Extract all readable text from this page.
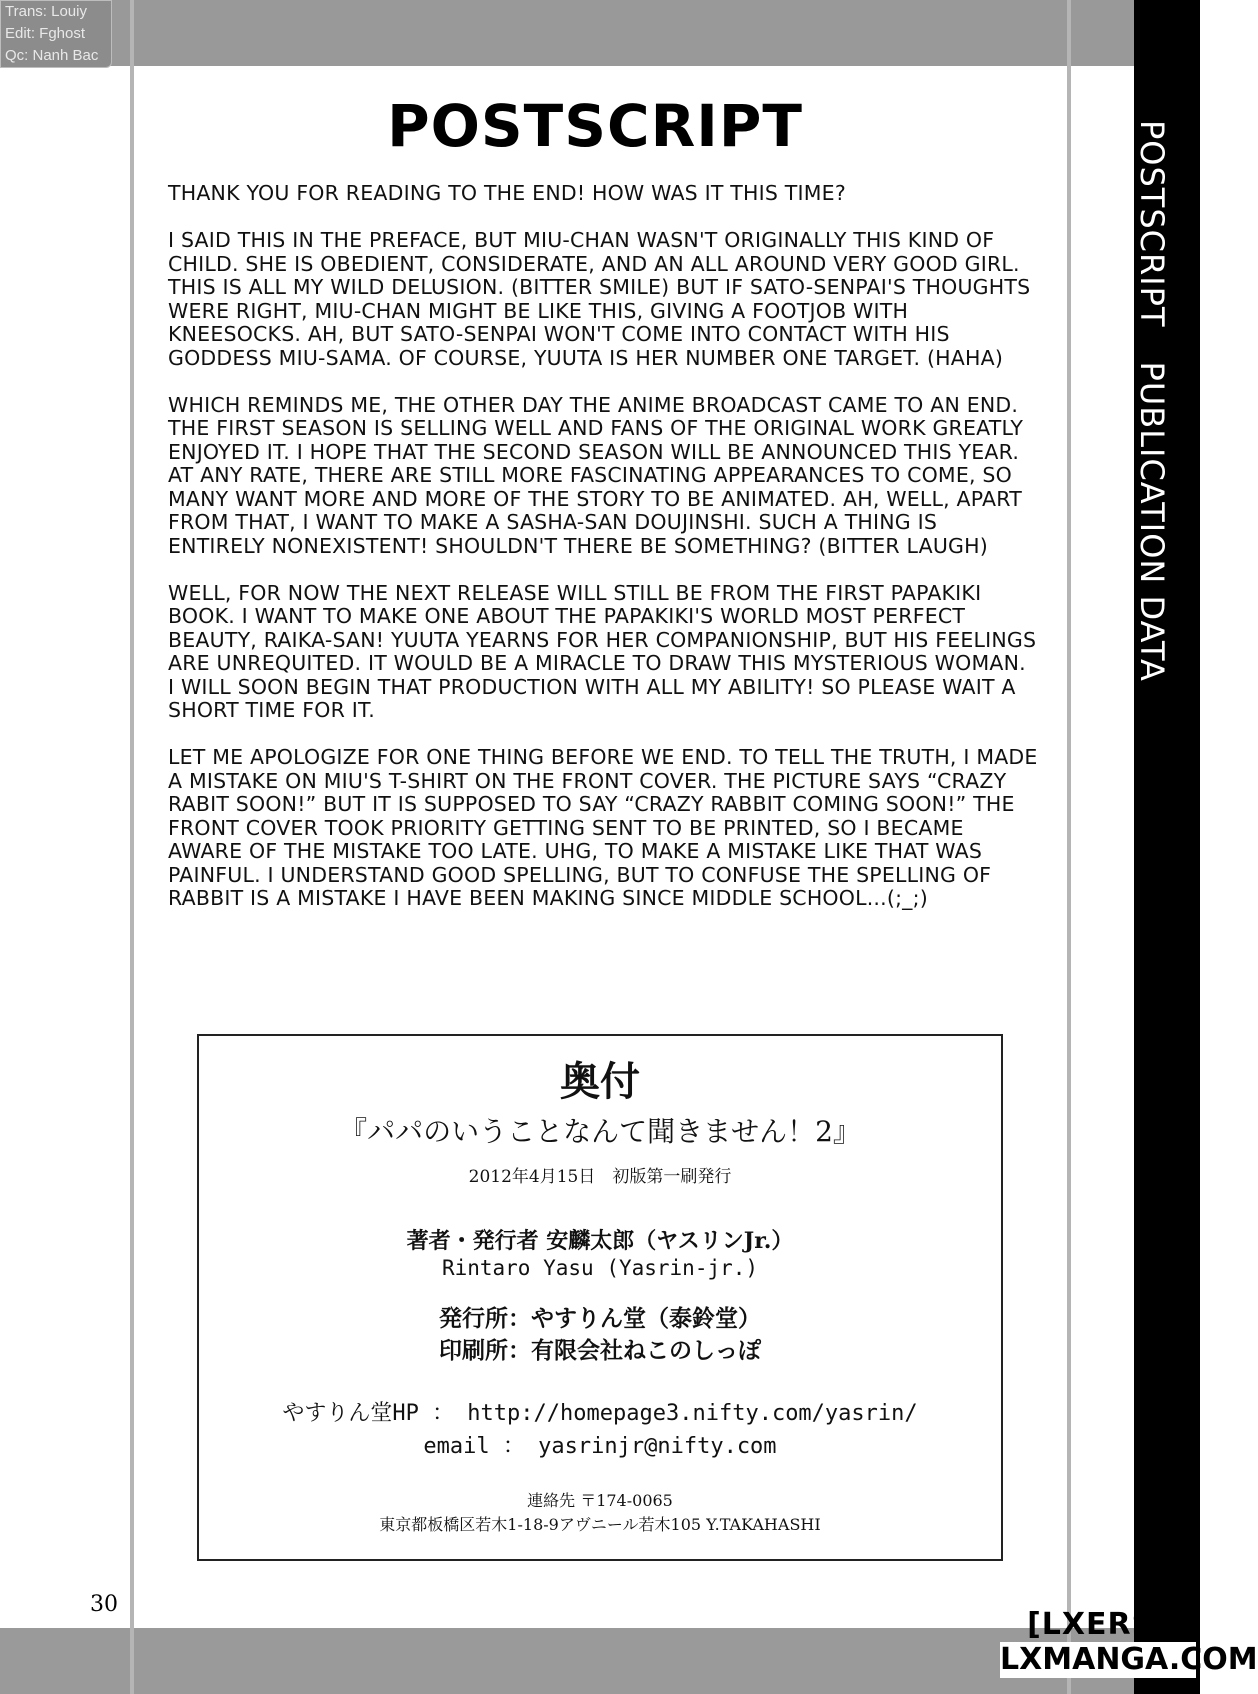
Trans: Louiy
Edit: Fghost
Qc: Nanh Bac
POSTSCRIPTPUBLICATION DATA
POSTSCRIPT

THANK YOU FOR READING TO THE END! HOW WAS IT THIS TIME?

I SAID THIS IN THE PREFACE, BUT MIU-CHAN WASN'T ORIGINALLY THIS KIND OF CHILD. SHE IS OBEDIENT, CONSIDERATE, AND AN ALL AROUND VERY GOOD GIRL. THIS IS ALL MY WILD DELUSION. (BITTER SMILE) BUT IF SATO-SENPAI'S THOUGHTS WERE RIGHT, MIU-CHAN MIGHT BE LIKE THIS, GIVING A FOOTJOB WITH KNEESOCKS. AH, BUT SATO-SENPAI WON'T COME INTO CONTACT WITH HIS GODDESS MIU-SAMA. OF COURSE, YUUTA IS HER NUMBER ONE TARGET. (HAHA)

WHICH REMINDS ME, THE OTHER DAY THE ANIME BROADCAST CAME TO AN END. THE FIRST SEASON IS SELLING WELL AND FANS OF THE ORIGINAL WORK GREATLY ENJOYED IT. I HOPE THAT THE SECOND SEASON WILL BE ANNOUNCED THIS YEAR. AT ANY RATE, THERE ARE STILL MORE FASCINATING APPEARANCES TO COME, SO MANY WANT MORE AND MORE OF THE STORY TO BE ANIMATED. AH, WELL, APART FROM THAT, I WANT TO MAKE A SASHA-SAN DOUJINSHI. SUCH A THING IS ENTIRELY NONEXISTENT! SHOULDN'T THERE BE SOMETHING? (BITTER LAUGH)

WELL, FOR NOW THE NEXT RELEASE WILL STILL BE FROM THE FIRST PAPAKIKI BOOK. I WANT TO MAKE ONE ABOUT THE PAPAKIKI'S WORLD MOST PERFECT BEAUTY, RAIKA-SAN! YUUTA YEARNS FOR HER COMPANIONSHIP, BUT HIS FEELINGS ARE UNREQUITED. IT WOULD BE A MIRACLE TO DRAW THIS MYSTERIOUS WOMAN. I WILL SOON BEGIN THAT PRODUCTION WITH ALL MY ABILITY! SO PLEASE WAIT A SHORT TIME FOR IT.

LET ME APOLOGIZE FOR ONE THING BEFORE WE END. TO TELL THE TRUTH, I MADE A MISTAKE ON MIU'S T-SHIRT ON THE FRONT COVER. THE PICTURE SAYS “CRAZY RABIT SOON!” BUT IT IS SUPPOSED TO SAY “CRAZY RABBIT COMING SOON!” THE FRONT COVER TOOK PRIORITY GETTING SENT TO BE PRINTED, SO I BECAME AWARE OF THE MISTAKE TOO LATE. UHG, TO MAKE A MISTAKE LIKE THAT WAS PAINFUL. I UNDERSTAND GOOD SPELLING, BUT TO CONFUSE THE SPELLING OF RABBIT IS A MISTAKE I HAVE BEEN MAKING SINCE MIDDLE SCHOOL...(;_;)

奥付
『パパのいうことなんて聞きません！2』
2012年4月15日　初版第一刷発行
著者・発行者 安麟太郎（ヤスリンJr.）
Rintaro Yasu (Yasrin-jr.)
発行所：やすりん堂（泰鈴堂）
印刷所：有限会社ねこのしっぽ
やすりん堂HP ： http://homepage3.nifty.com/yasrin/
email ： yasrinjr@nifty.com
連絡先 〒174-0065
東京都板橋区若木1-18-9アヴニール若木105 Y.TAKAHASHI
30
[LXERS]
LXMANGA.COM
